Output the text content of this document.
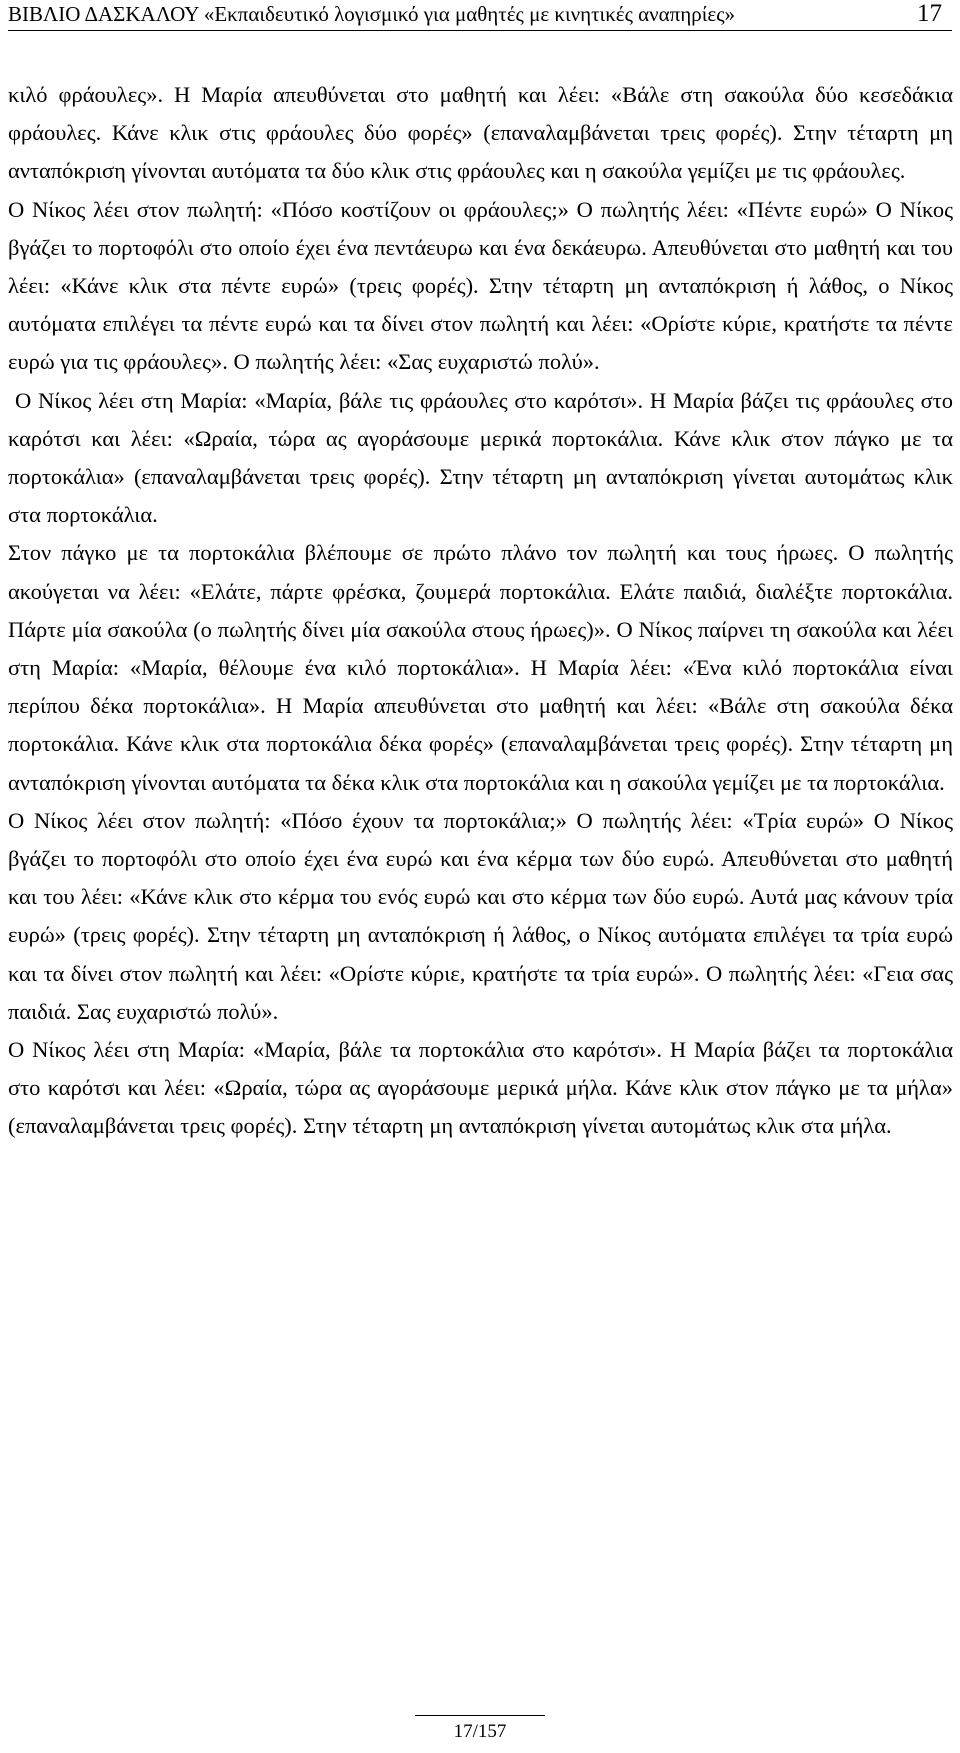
ΒΙΒΛΙΟ ΔΑΣΚΑΛΟΥ «Εκπαιδευτικό λογισμικό για μαθητές με κινητικές αναπηρίες»	17

κιλό φράουλες». Η Μαρία απευθύνεται στο μαθητή και λέει: «Βάλε στη σακούλα δύο κεσεδάκια φράουλες. Κάνε κλικ στις φράουλες δύο φορές» (επαναλαμβάνεται τρεις φορές). Στην τέταρτη μη ανταπόκριση γίνονται αυτόματα τα δύο κλικ στις φράουλες και η σακούλα γεμίζει με τις φράουλες.

Ο Νίκος λέει στον πωλητή: «Πόσο κοστίζουν οι φράουλες;» Ο πωλητής λέει: «Πέντε ευρώ» Ο Νίκος βγάζει το πορτοφόλι στο οποίο έχει ένα πεντάευρω και ένα δεκάευρω. Απευθύνεται στο μαθητή και του λέει: «Κάνε κλικ στα πέντε ευρώ» (τρεις φορές). Στην τέταρτη μη ανταπόκριση ή λάθος, ο Νίκος αυτόματα επιλέγει τα πέντε ευρώ και τα δίνει στον πωλητή και λέει: «Ορίστε κύριε, κρατήστε τα πέντε ευρώ για τις φράουλες». Ο πωλητής λέει: «Σας ευχαριστώ πολύ».

Ο Νίκος λέει στη Μαρία: «Μαρία, βάλε τις φράουλες στο καρότσι». Η Μαρία βάζει τις φράουλες στο καρότσι και λέει: «Ωραία, τώρα ας αγοράσουμε μερικά πορτοκάλια. Κάνε κλικ στον πάγκο με τα πορτοκάλια» (επαναλαμβάνεται τρεις φορές). Στην τέταρτη μη ανταπόκριση γίνεται αυτομάτως κλικ στα πορτοκάλια.

Στον πάγκο με τα πορτοκάλια βλέπουμε σε πρώτο πλάνο τον πωλητή και τους ήρωες. Ο πωλητής ακούγεται να λέει: «Ελάτε, πάρτε φρέσκα, ζουμερά πορτοκάλια. Ελάτε παιδιά, διαλέξτε πορτοκάλια. Πάρτε μία σακούλα (ο πωλητής δίνει μία σακούλα στους ήρωες)». Ο Νίκος παίρνει τη σακούλα και λέει στη Μαρία: «Μαρία, θέλουμε ένα κιλό πορτοκάλια». Η Μαρία λέει: «Ένα κιλό πορτοκάλια είναι περίπου δέκα πορτοκάλια». Η Μαρία απευθύνεται στο μαθητή και λέει: «Βάλε στη σακούλα δέκα πορτοκάλια. Κάνε κλικ στα πορτοκάλια δέκα φορές» (επαναλαμβάνεται τρεις φορές). Στην τέταρτη μη ανταπόκριση γίνονται αυτόματα τα δέκα κλικ στα πορτοκάλια και η σακούλα γεμίζει με τα πορτοκάλια.

Ο Νίκος λέει στον πωλητή: «Πόσο έχουν τα πορτοκάλια;» Ο πωλητής λέει: «Τρία ευρώ» Ο Νίκος βγάζει το πορτοφόλι στο οποίο έχει ένα ευρώ και ένα κέρμα των δύο ευρώ. Απευθύνεται στο μαθητή και του λέει: «Κάνε κλικ στο κέρμα του ενός ευρώ και στο κέρμα των δύο ευρώ. Αυτά μας κάνουν τρία ευρώ» (τρεις φορές). Στην τέταρτη μη ανταπόκριση ή λάθος, ο Νίκος αυτόματα επιλέγει τα τρία ευρώ και τα δίνει στον πωλητή και λέει: «Ορίστε κύριε, κρατήστε τα τρία ευρώ». Ο πωλητής λέει: «Γεια σας παιδιά. Σας ευχαριστώ πολύ».

Ο Νίκος λέει στη Μαρία: «Μαρία, βάλε τα πορτοκάλια στο καρότσι». Η Μαρία βάζει τα πορτοκάλια στο καρότσι και λέει: «Ωραία, τώρα ας αγοράσουμε μερικά μήλα. Κάνε κλικ στον πάγκο με τα μήλα» (επαναλαμβάνεται τρεις φορές). Στην τέταρτη μη ανταπόκριση γίνεται αυτομάτως κλικ στα μήλα.

17/157
